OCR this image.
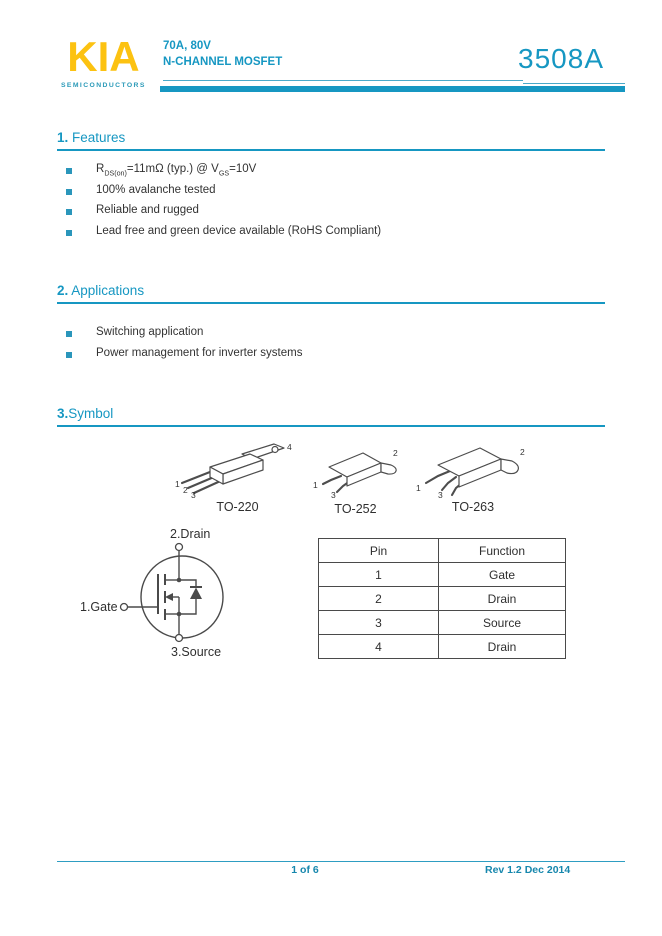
KIA
SEMICONDUCTORS
70A, 80V
N-CHANNEL MOSFET	3508A
1. Features
$R_{DS(on)}=11m\Omega$ (typ.) @ $V_{GS}=10V$
100% avalanche tested
Reliable and rugged
Lead free and green device available (RoHS Compliant)
2. Applications
Switching application
Power management for inverter systems
3.Symbol
1
2 3
4
TO-220
1
3
2
TO-252
1
3
2
TO-263
2.Drain
1.Gate
3.Source
Pin	Function
1	Gate
2	Drain
3	Source
4	Drain
1 of 6	Rev 1.2 Dec 2014
